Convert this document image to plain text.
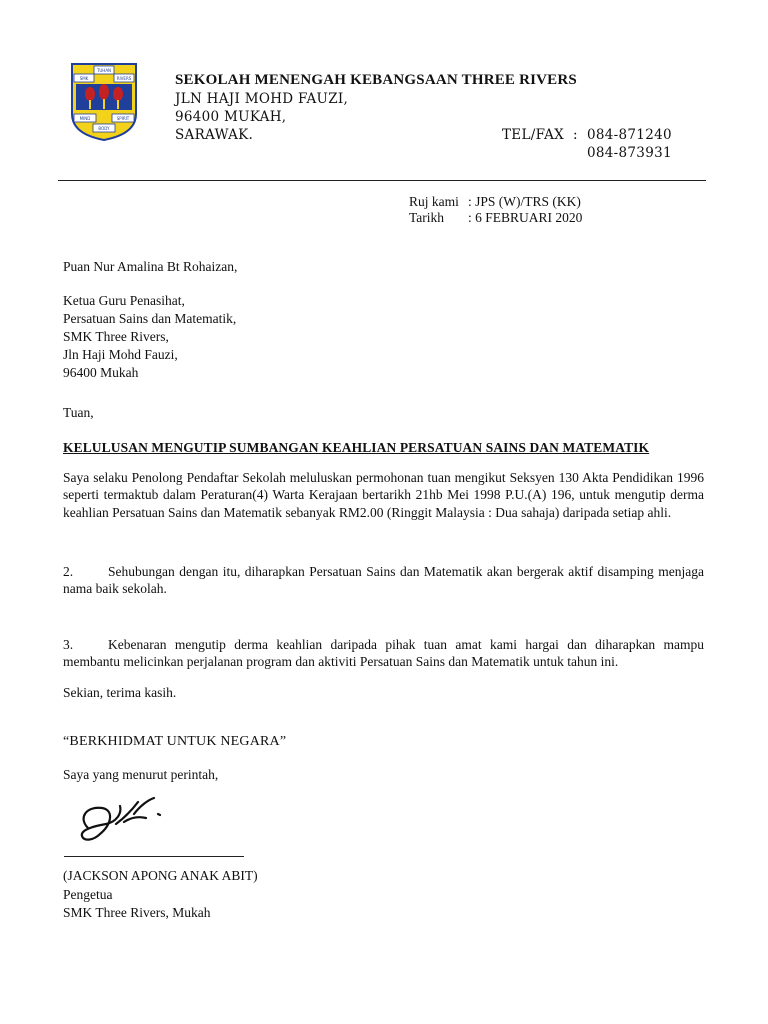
TUHAN
SMK	RIVERS
MIND	SPIRIT
BODY
SEKOLAH MENENGAH KEBANGSAAN THREE RIVERS
JLN HAJI MOHD FAUZI,
96400 MUKAH,
SARAWAK.	TEL/FAX : 084-871240
084-873931
Ruj kami : JPS (W)/TRS (KK)
Tarikh : 6 FEBRUARI 2020
Puan Nur Amalina Bt Rohaizan,
Ketua Guru Penasihat,
Persatuan Sains dan Matematik,
SMK Three Rivers,
Jln Haji Mohd Fauzi,
96400 Mukah
Tuan,
KELULUSAN MENGUTIP SUMBANGAN KEAHLIAN PERSATUAN SAINS DAN MATEMATIK
Saya selaku Penolong Pendaftar Sekolah meluluskan permohonan tuan mengikut Seksyen 130 Akta Pendidikan 1996 seperti termaktub dalam Peraturan(4) Warta Kerajaan bertarikh 21hb Mei 1998 P.U.(A) 196, untuk mengutip derma keahlian Persatuan Sains dan Matematik sebanyak RM2.00 (Ringgit Malaysia : Dua sahaja) daripada setiap ahli.
2.	Sehubungan dengan itu, diharapkan Persatuan Sains dan Matematik akan bergerak aktif disamping menjaga nama baik sekolah.
3.	Kebenaran mengutip derma keahlian daripada pihak tuan amat kami hargai dan diharapkan mampu membantu melicinkan perjalanan program dan aktiviti Persatuan Sains dan Matematik untuk tahun ini.
Sekian, terima kasih.
“BERKHIDMAT UNTUK NEGARA”
Saya yang menurut perintah,
(JACKSON APONG ANAK ABIT)
Pengetua
SMK Three Rivers, Mukah
